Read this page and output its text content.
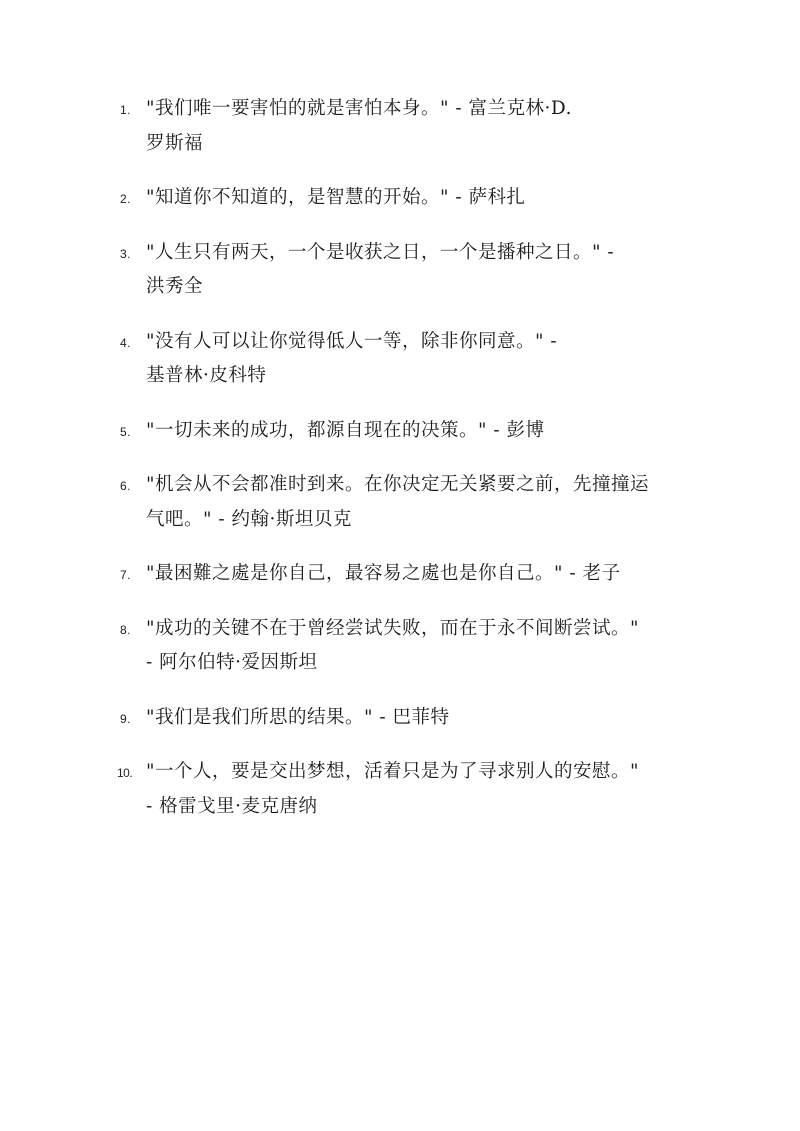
1. "我们唯一要害怕的就是害怕本身。" - 富兰克林·D.
罗斯福
2. "知道你不知道的，是智慧的开始。" - 萨科扎
3. "人生只有两天，一个是收获之日，一个是播种之日。" -
洪秀全
4. "没有人可以让你觉得低人一等，除非你同意。" -
基普林·皮科特
5. "一切未来的成功，都源自现在的决策。" - 彭博
6. "机会从不会都准时到来。在你决定无关紧要之前，先撞撞运
气吧。" - 约翰·斯坦贝克
7. "最困難之處是你自己，最容易之處也是你自己。" - 老子
8. "成功的关键不在于曾经尝试失败，而在于永不间断尝试。"
- 阿尔伯特·爱因斯坦
9. "我们是我们所思的结果。" - 巴菲特
10. "一个人，要是交出梦想，活着只是为了寻求别人的安慰。"
- 格雷戈里·麦克唐纳
